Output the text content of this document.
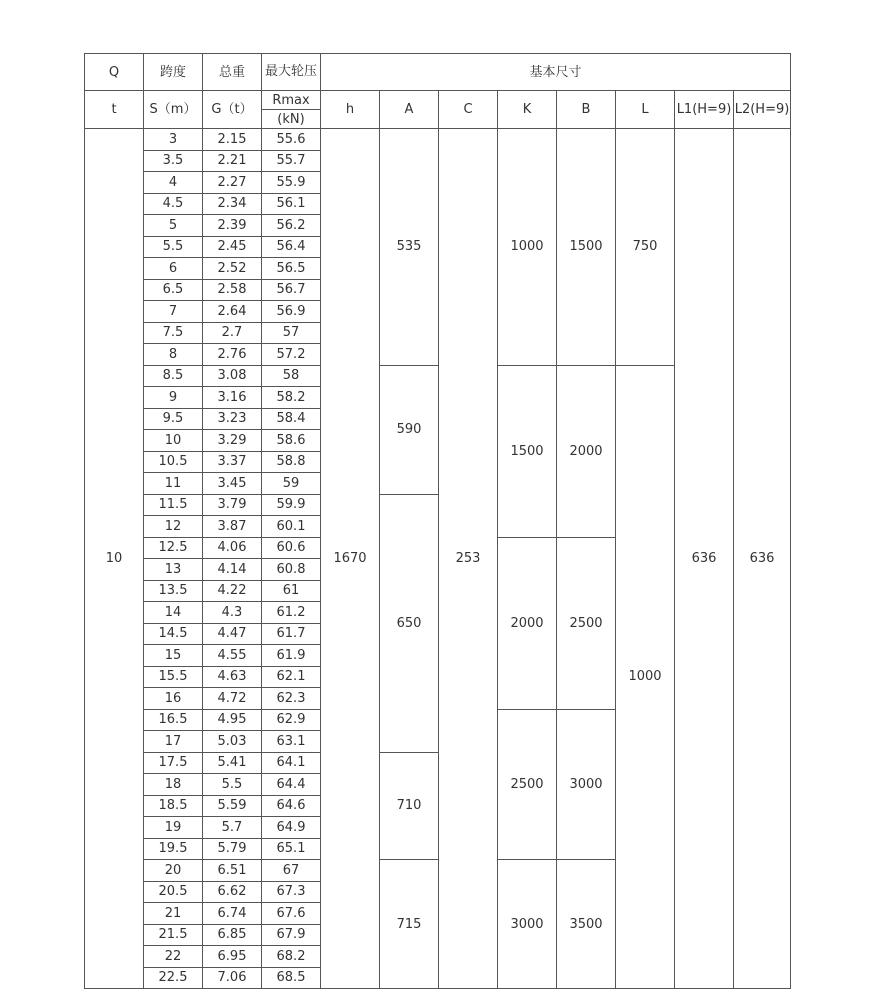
Q	跨度	总重	最大轮压	基本尺寸							
t	S（m）	G（t）	Rmax	h	A	C	K	B	L	L1(H=9)	L2(H=9)
			(kN)								
10	3	2.15	55.6	1670	535	253	1000	1500	750	636	636
	3.5	2.21	55.7								
	4	2.27	55.9								
	4.5	2.34	56.1								
	5	2.39	56.2								
	5.5	2.45	56.4								
	6	2.52	56.5								
	6.5	2.58	56.7								
	7	2.64	56.9								
	7.5	2.7	57								
	8	2.76	57.2								
	8.5	3.08	58		590		1500	2000	1000		
	9	3.16	58.2								
	9.5	3.23	58.4								
	10	3.29	58.6								
	10.5	3.37	58.8								
	11	3.45	59								
	11.5	3.79	59.9		650						
	12	3.87	60.1								
	12.5	4.06	60.6				2000	2500			
	13	4.14	60.8								
	13.5	4.22	61								
	14	4.3	61.2								
	14.5	4.47	61.7								
	15	4.55	61.9								
	15.5	4.63	62.1								
	16	4.72	62.3								
	16.5	4.95	62.9				2500	3000			
	17	5.03	63.1								
	17.5	5.41	64.1		710						
	18	5.5	64.4								
	18.5	5.59	64.6								
	19	5.7	64.9								
	19.5	5.79	65.1								
	20	6.51	67		715		3000	3500			
	20.5	6.62	67.3								
	21	6.74	67.6								
	21.5	6.85	67.9								
	22	6.95	68.2								
	22.5	7.06	68.5								
